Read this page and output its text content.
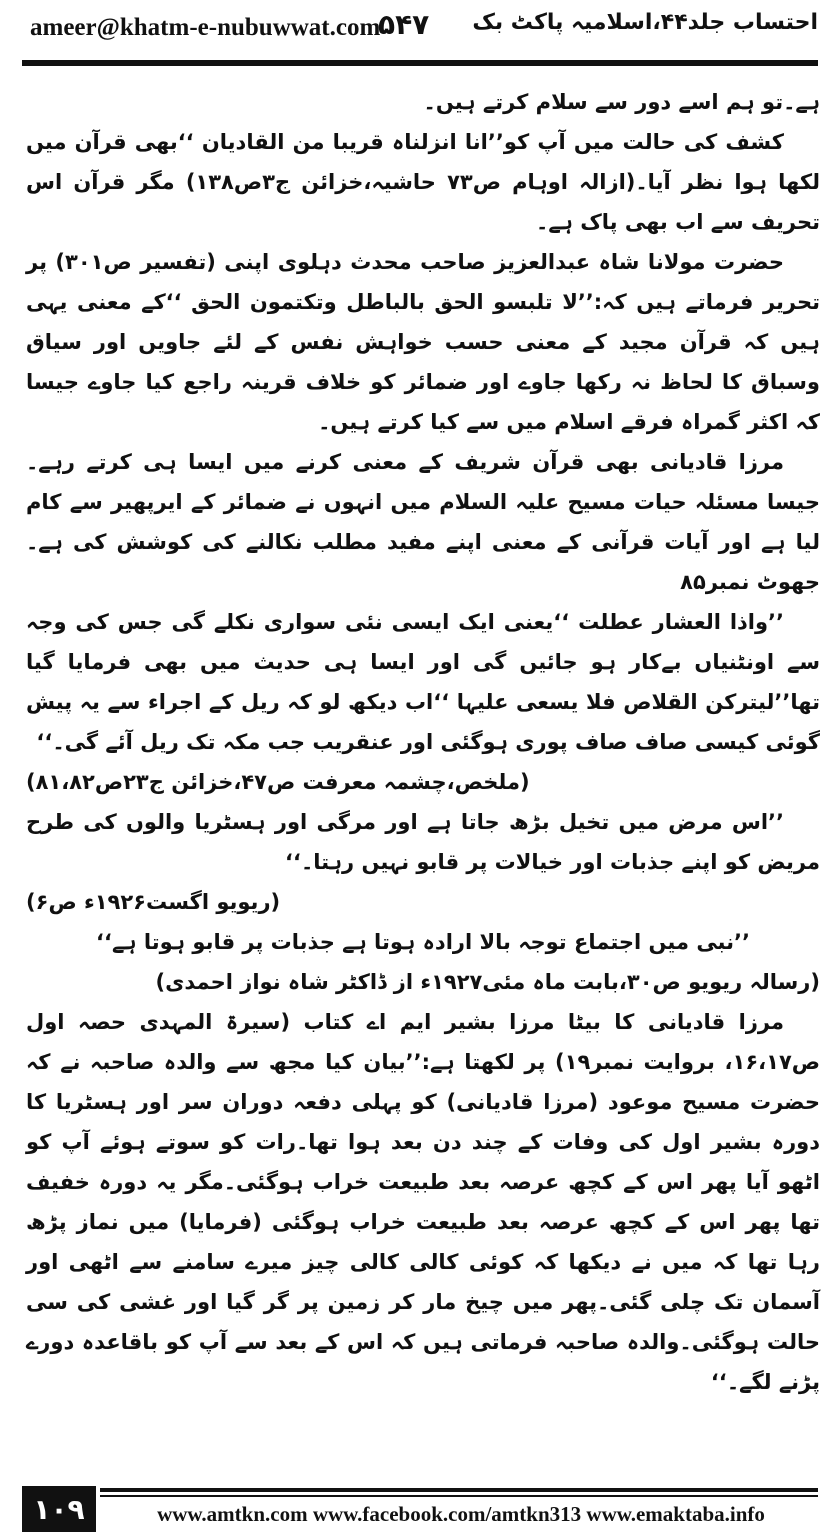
ameer@khatm-e-nubuwwat.com
۵۴۷ احتساب جلد۴۴،اسلامیہ پاکٹ بک

ہے۔تو ہم اسے دور سے سلام کرتے ہیں۔

کشف کی حالت میں آپ کو’’انا انزلناہ قریبا من القادیان ‘‘بھی قرآن میں لکھا ہوا نظر آیا۔(ازالہ اوہام ص۷۳ حاشیہ،خزائن ج۳ص۱۳۸) مگر قرآن اس تحریف سے اب بھی پاک ہے۔

حضرت مولانا شاہ عبدالعزیز صاحب محدث دہلوی اپنی (تفسیر ص۳۰۱) پر تحریر فرماتے ہیں کہ:’’لا تلبسو الحق بالباطل وتکتمون الحق ‘‘کے معنی یہی ہیں کہ قرآن مجید کے معنی حسب خواہش نفس کے لئے جاویں اور سیاق وسباق کا لحاظ نہ رکھا جاوے اور ضمائر کو خلاف قرینہ راجع کیا جاوے جیسا کہ اکثر گمراہ فرقے اسلام میں سے کیا کرتے ہیں۔

مرزا قادیانی بھی قرآن شریف کے معنی کرنے میں ایسا ہی کرتے رہے۔جیسا مسئلہ حیات مسیح علیہ السلام میں انہوں نے ضمائر کے ایرپھیر سے کام لیا ہے اور آیات قرآنی کے معنی اپنے مفید مطلب نکالنے کی کوشش کی ہے۔جھوٹ نمبر۸۵

’’واذا العشار عطلت ‘‘یعنی ایک ایسی نئی سواری نکلے گی جس کی وجہ سے اونٹنیاں بےکار ہو جائیں گی اور ایسا ہی حدیث میں بھی فرمایا گیا تھا’’لیترکن القلاص فلا یسعی علیہا ‘‘اب دیکھ لو کہ ریل کے اجراء سے یہ پیش گوئی کیسی صاف صاف پوری ہوگئی اور عنقریب جب مکہ تک ریل آئے گی۔‘‘

(ملخص،چشمہ معرفت ص۴۷،خزائن ج۲۳ص۸۱،۸۲)

’’اس مرض میں تخیل بڑھ جاتا ہے اور مرگی اور ہسٹریا والوں کی طرح مریض کو اپنے جذبات اور خیالات پر قابو نہیں رہتا۔‘‘

(ریویو اگست۱۹۲۶ء ص۶)

’’نبی میں اجتماع توجہ بالا ارادہ ہوتا ہے جذبات پر قابو ہوتا ہے‘‘

(رسالہ ریویو ص۳۰،بابت ماہ مئی۱۹۲۷ء از ڈاکٹر شاہ نواز احمدی)

مرزا قادیانی کا بیٹا مرزا بشیر ایم اے کتاب (سیرۃ المہدی حصہ اول ص۱۶،۱۷، بروایت نمبر۱۹) پر لکھتا ہے:’’بیان کیا مجھ سے والدہ صاحبہ نے کہ حضرت مسیح موعود (مرزا قادیانی) کو پہلی دفعہ دوران سر اور ہسٹریا کا دورہ بشیر اول کی وفات کے چند دن بعد ہوا تھا۔رات کو سوتے ہوئے آپ کو اٹھو آیا پھر اس کے کچھ عرصہ بعد طبیعت خراب ہوگئی۔مگر یہ دورہ خفیف تھا پھر اس کے کچھ عرصہ بعد طبیعت خراب ہوگئی (فرمایا) میں نماز پڑھ رہا تھا کہ میں نے دیکھا کہ کوئی کالی کالی چیز میرے سامنے سے اٹھی اور آسمان تک چلی گئی۔پھر میں چیخ مار کر زمین پر گر گیا اور غشی کی سی حالت ہوگئی۔والدہ صاحبہ فرماتی ہیں کہ اس کے بعد سے آپ کو باقاعدہ دورے پڑنے لگے۔‘‘

۱۰۹	www.amtkn.com www.facebook.com/amtkn313 www.emaktaba.info
